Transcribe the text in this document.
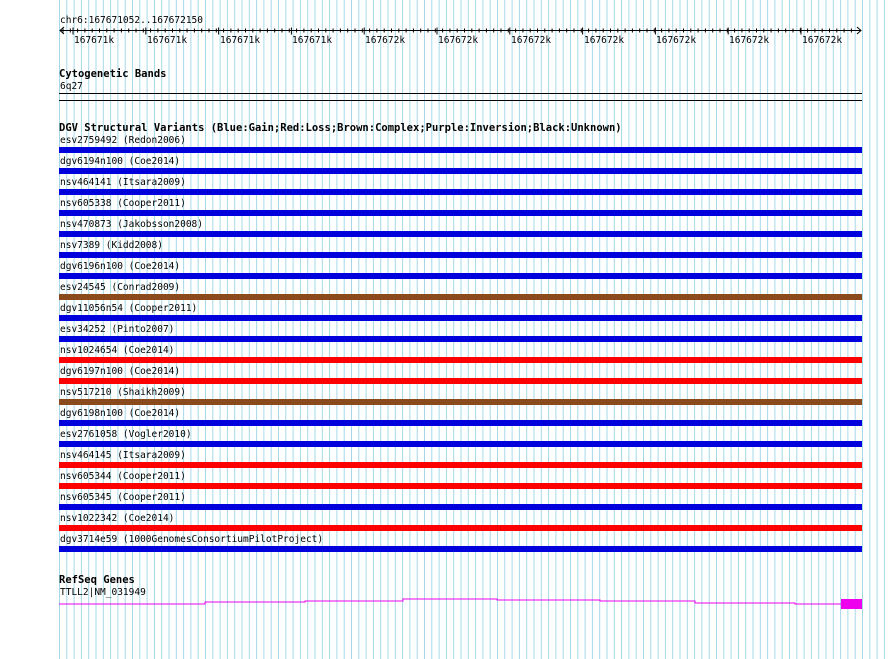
chr6:167671052..167672150
167671k	167671k	167671k	167671k	167672k	167672k	167672k	167672k	167672k	167672k	167672k
Cytogenetic Bands
6q27
DGV Structural Variants (Blue:Gain;Red:Loss;Brown:Complex;Purple:Inversion;Black:Unknown)
esv2759492 (Redon2006)
dgv6194n100 (Coe2014)
nsv464141 (Itsara2009)
nsv605338 (Cooper2011)
nsv470873 (Jakobsson2008)
nsv7389 (Kidd2008)
dgv6196n100 (Coe2014)
esv24545 (Conrad2009)
dgv11056n54 (Cooper2011)
esv34252 (Pinto2007)
nsv1024654 (Coe2014)
dgv6197n100 (Coe2014)
nsv517210 (Shaikh2009)
dgv6198n100 (Coe2014)
esv2761058 (Vogler2010)
nsv464145 (Itsara2009)
nsv605344 (Cooper2011)
nsv605345 (Cooper2011)
nsv1022342 (Coe2014)
dgv3714e59 (1000GenomesConsortiumPilotProject)
RefSeq Genes
TTLL2|NM_031949
